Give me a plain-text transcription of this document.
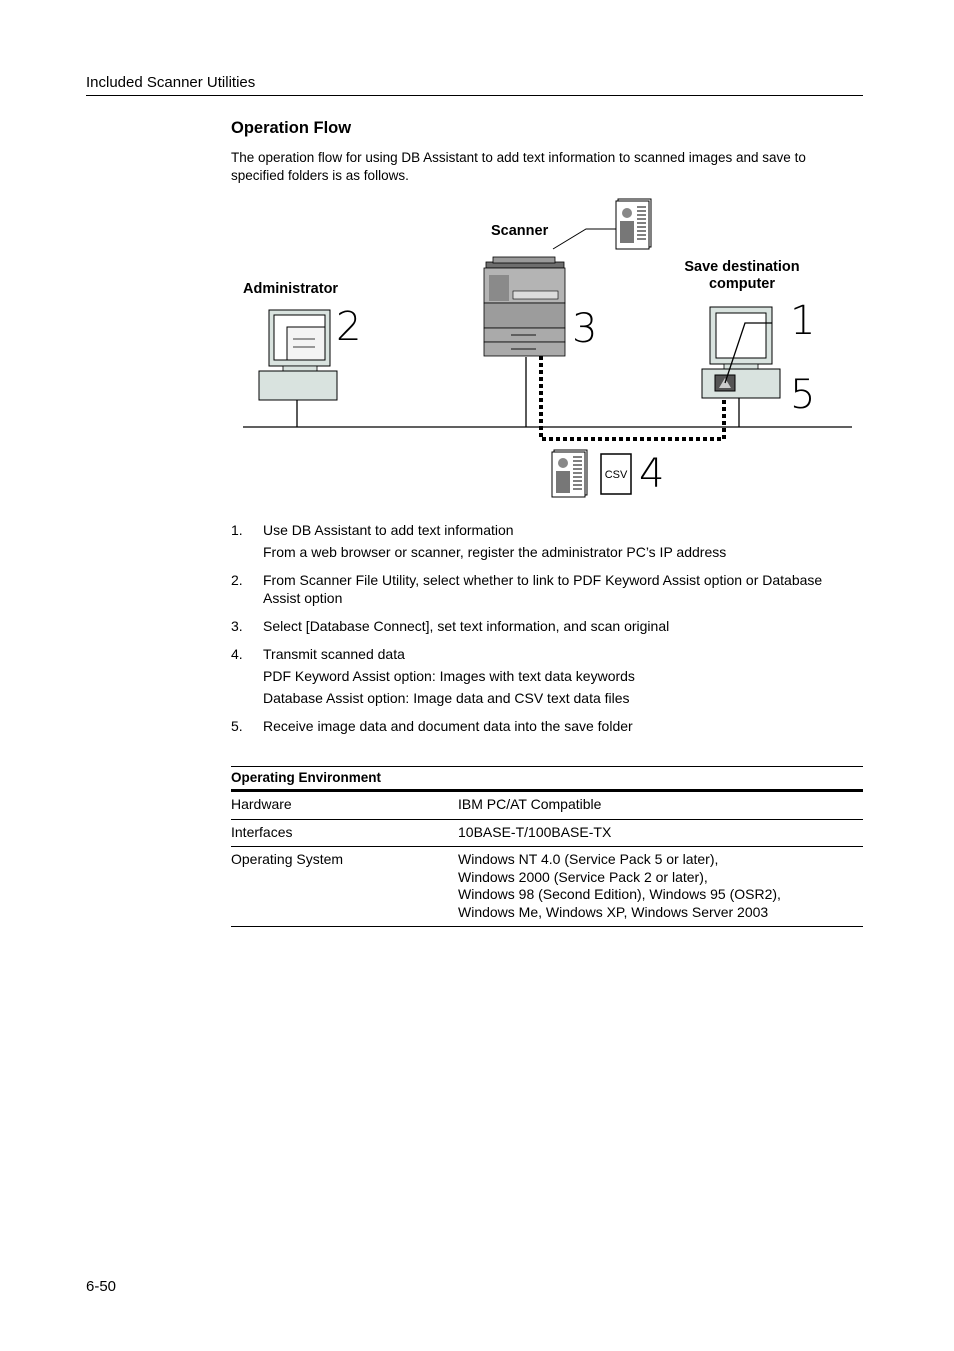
Included Scanner Utilities
Operation Flow
The operation flow for using DB Assistant to add text information to scanned images and save to specified folders is as follows.
Scanner
Administrator
Save destination
computer
CSV
1
2	3
4
5
1.	Use DB Assistant to add text information
From a web browser or scanner, register the administrator PC’s IP address
2.	From Scanner File Utility, select whether to link to PDF Keyword Assist option or Database Assist option
3.	Select [Database Connect], set text information, and scan original
4.	Transmit scanned data
PDF Keyword Assist option: Images with text data keywords
Database Assist option: Image data and CSV text data files
5.	Receive image data and document data into the save folder
Operating Environment
Hardware	IBM PC/AT Compatible
Interfaces	10BASE-T/100BASE-TX
Operating System	Windows NT 4.0 (Service Pack 5 or later),
Windows 2000 (Service Pack 2 or later),
Windows 98 (Second Edition), Windows 95 (OSR2),
Windows Me, Windows XP, Windows Server 2003
6-50
